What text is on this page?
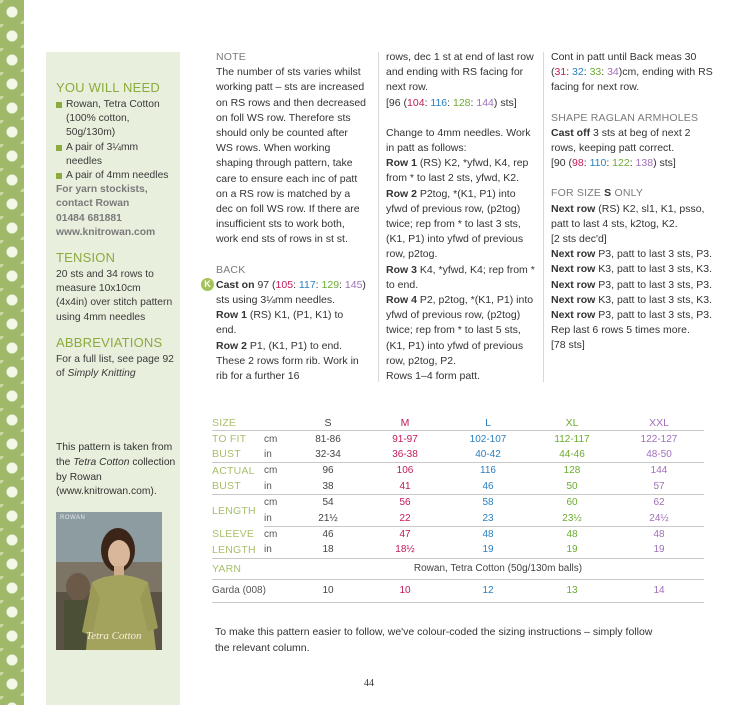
YOU WILL NEED
Rowan, Tetra Cotton (100% cotton, 50g/130m)
A pair of 3¼mm needles
A pair of 4mm needles
For yarn stockists,
contact Rowan
01484 681881
www.knitrowan.com
TENSION
20 sts and 34 rows to measure 10x10cm (4x4in) over stitch pattern using 4mm needles
ABBREVIATIONS
For a full list, see page 92 of Simply Knitting
This pattern is taken from the Tetra Cotton collection by Rowan (www.knitrowan.com).
ROWAN
Tetra Cotton
NOTE
The number of sts varies whilst working patt – sts are increased on RS rows and then decreased on foll WS row. Therefore sts should only be counted after WS rows. When working shaping through pattern, take care to ensure each inc of patt on a RS row is matched by a dec on foll WS row. If there are insufficient sts to work both, work end sts of rows in st st.
BACK
Cast on 97 (105: 117: 129: 145) sts using 3¼mm needles.
Row 1 (RS) K1, (P1, K1) to end.
Row 2 P1, (K1, P1) to end.
These 2 rows form rib. Work in rib for a further 16
K
rows, dec 1 st at end of last row and ending with RS facing for next row.
[96 (104: 116: 128: 144) sts]
Change to 4mm needles. Work in patt as follows:
Row 1 (RS) K2, *yfwd, K4, rep from * to last 2 sts, yfwd, K2.
Row 2 P2tog, *(K1, P1) into yfwd of previous row, (p2tog) twice; rep from * to last 3 sts, (K1, P1) into yfwd of previous row, p2tog.
Row 3 K4, *yfwd, K4; rep from * to end.
Row 4 P2, p2tog, *(K1, P1) into yfwd of previous row, (p2tog) twice; rep from * to last 5 sts, (K1, P1) into yfwd of previous row, p2tog, P2.
Rows 1–4 form patt.
Cont in patt until Back meas 30 (31: 32: 33: 34)cm, ending with RS facing for next row.
SHAPE RAGLAN ARMHOLES
Cast off 3 sts at beg of next 2 rows, keeping patt correct.
[90 (98: 110: 122: 138) sts]
FOR SIZE S ONLY
Next row (RS) K2, sl1, K1, psso, patt to last 4 sts, k2tog, K2.
[2 sts dec'd]
Next row P3, patt to last 3 sts, P3.
Next row K3, patt to last 3 sts, K3.
Next row P3, patt to last 3 sts, P3.
Next row K3, patt to last 3 sts, K3.
Next row P3, patt to last 3 sts, P3.
Rep last 6 rows 5 times more.
[78 sts]
SIZE		S	M	L	XL	XXL
TO FIT	cm	81-86	91-97	102-107	112-117	122-127
BUST	in	32-34	36-38	40-42	44-46	48-50
ACTUAL	cm	96	106	116	128	144
BUST	in	38	41	46	50	57
LENGTH	cm	54	56	58	60	62
	in	21½	22	23	23½	24½
SLEEVE	cm	46	47	48	48	48
LENGTH	in	18	18½	19	19	19
YARN		Rowan, Tetra Cotton (50g/130m balls)				
Garda (008)		10	10	12	13	14
To make this pattern easier to follow, we've colour-coded the sizing instructions – simply follow the relevant column.
44
